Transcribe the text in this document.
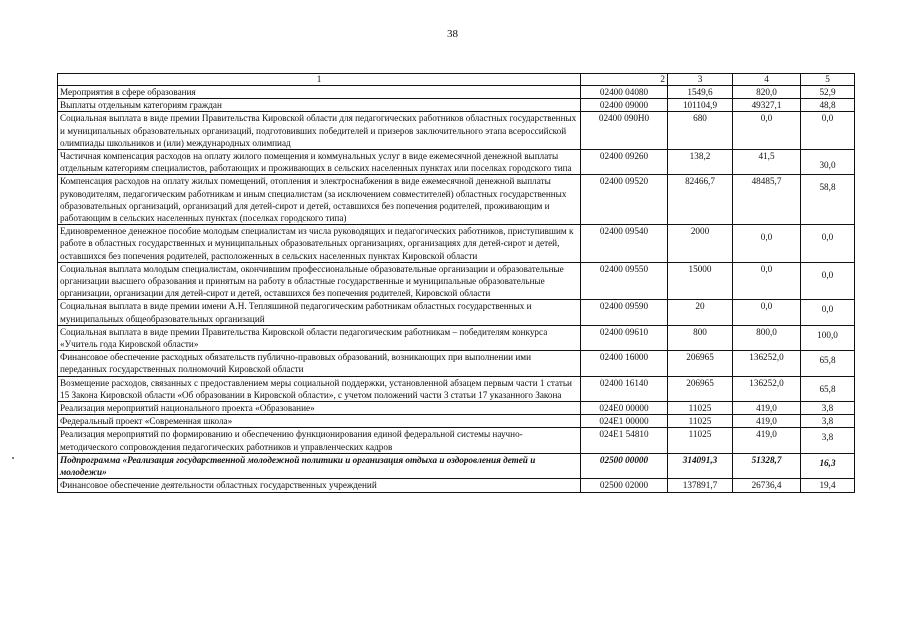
38
1	2	3	4	5
Мероприятия в сфере образования	02400 04080	1549,6	820,0	52,9
Выплаты отдельным категориям граждан	02400 09000	101104,9	49327,1	48,8
Социальная выплата в виде премии Правительства Кировской области для педагогических работников областных государственных и муниципальных образовательных организаций, подготовивших победителей и призеров заключительного этапа всероссийской олимпиады школьников и (или) международных олимпиад	02400 090Н0	680	0,0	0,0
Частичная компенсация расходов на оплату жилого помещения и коммунальных услуг в виде ежемесячной денежной выплаты отдельным категориям специалистов, работающих и проживающих в сельских населенных пунктах или поселках городского типа	02400 09260	138,2	41,5	30,0
Компенсация расходов на оплату жилых помещений, отопления и электроснабжения в виде ежемесячной денежной выплаты руководителям, педагогическим работникам и иным специалистам (за исключением совместителей) областных государственных образовательных организаций, организаций для детей-сирот и детей, оставшихся без попечения родителей, проживающим и работающим в сельских населенных пунктах (поселках городского типа)	02400 09520	82466,7	48485,7	58,8
Единовременное денежное пособие молодым специалистам из числа руководящих и педагогических работников, приступившим к работе в областных государственных и муниципальных образовательных организациях, организациях для детей-сирот и детей, оставшихся без попечения родителей, расположенных в сельских населенных пунктах Кировской области	02400 09540	2000	0,0	0,0
Социальная выплата молодым специалистам, окончившим профессиональные образовательные организации и образовательные организации высшего образования и принятым на работу в областные государственные и муниципальные образовательные организации, организации для детей-сирот и детей, оставшихся без попечения родителей, Кировской области	02400 09550	15000	0,0	0,0
Социальная выплата в виде премии имени А.Н. Тепляшиной педагогическим работникам областных государственных и муниципальных общеобразовательных организаций	02400 09590	20	0,0	0,0
Социальная выплата в виде премии Правительства Кировской области педагогическим работникам – победителям конкурса «Учитель года Кировской области»	02400 09610	800	800,0	100,0
Финансовое обеспечение расходных обязательств публично-правовых образований, возникающих при выполнении ими переданных государственных полномочий Кировской области	02400 16000	206965	136252,0	65,8
Возмещение расходов, связанных с предоставлением меры социальной поддержки, установленной абзацем первым части 1 статьи 15 Закона Кировской области «Об образовании в Кировской области», с учетом положений части 3 статьи 17 указанного Закона	02400 16140	206965	136252,0	65,8
Реализация мероприятий национального проекта «Образование»	024Е0 00000	11025	419,0	3,8
Федеральный проект «Современная школа»	024Е1 00000	11025	419,0	3,8
Реализация мероприятий по формированию и обеспечению функционирования единой федеральной системы научно-методического сопровождения педагогических работников и управленческих кадров	024Е1 54810	11025	419,0	3,8
Подпрограмма «Реализация государственной молодежной политики и организация отдыха и оздоровления детей и молодежи»	02500 00000	314091,3	51328,7	16,3
Финансовое обеспечение деятельности областных государственных учреждений	02500 02000	137891,7	26736,4	19,4
